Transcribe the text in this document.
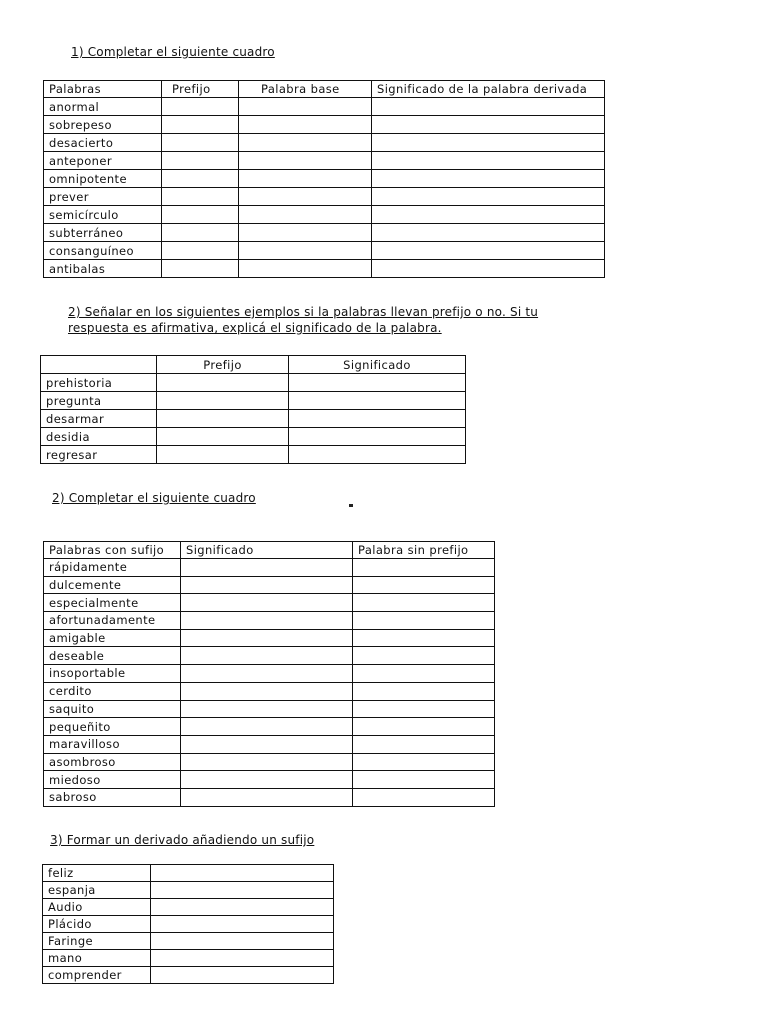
1) Completar el siguiente cuadro
Palabras	Prefijo	Palabra base	Significado de la palabra derivada
anormal			
sobrepeso			
desacierto			
anteponer			
omnipotente			
prever			
semicírculo			
subterráneo			
consanguíneo			
antibalas			
2) Señalar en los siguientes ejemplos si la palabras llevan prefijo o no. Si tu
respuesta es afirmativa, explicá el significado de la palabra.
	Prefijo	Significado
prehistoria		
pregunta		
desarmar		
desidia		
regresar		
2) Completar el siguiente cuadro
Palabras con sufijo	Significado	Palabra sin prefijo
rápidamente		
dulcemente		
especialmente		
afortunadamente		
amigable		
deseable		
insoportable		
cerdito		
saquito		
pequeñito		
maravilloso		
asombroso		
miedoso		
sabroso		
3) Formar un derivado añadiendo un sufijo
feliz	
espanja	
Audio	
Plácido	
Faringe	
mano	
comprender	
